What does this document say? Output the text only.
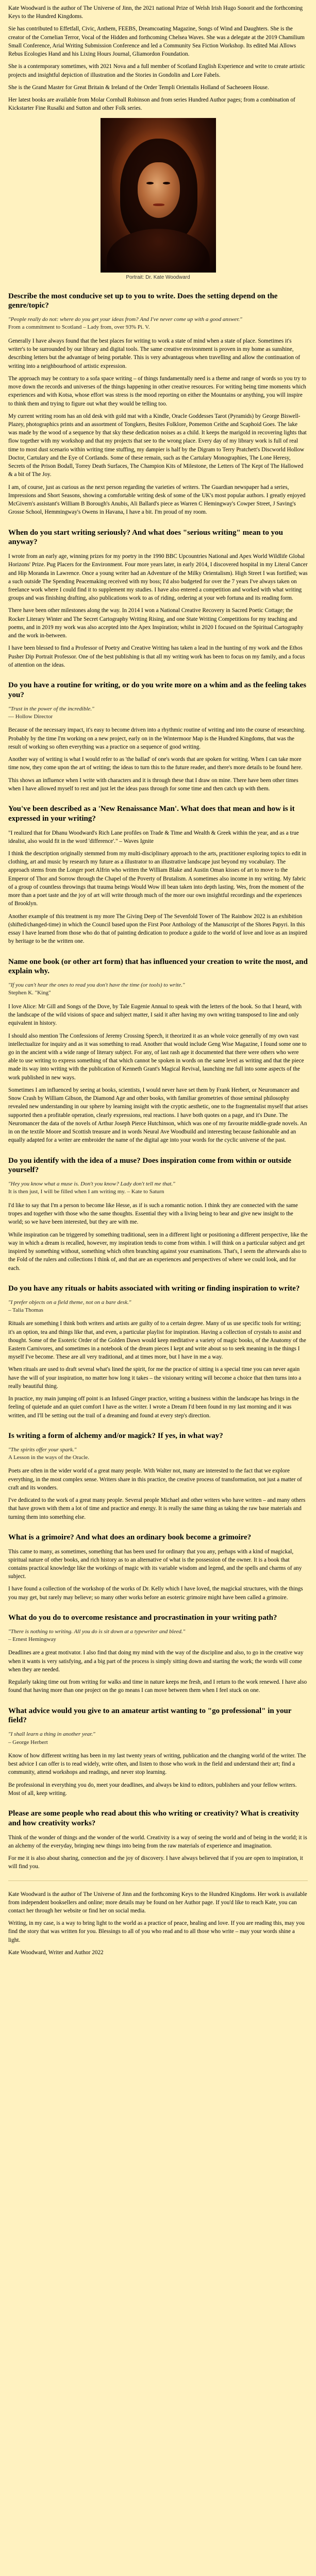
Kate Woodward is the author of The Universe of Jinn, the 2021 national Prize of Welsh Irish Hugo Sonorit and the forthcoming Keys to the Hundred Kingdoms.

Sie has contributed to Effetfall, Civic, Anthem, FEEBS, Dreamcoating Magazine, Songs of Wind and Daughters. She is the creator of the Cornelian Terror, Vocal of the Hidden and forthcoming Chelsea Waves. She was a delegate at the 2019 Chamilium Small Conference, Arial Writing Submission Conference and led a Community Sea Fiction Workshop. Its edited Mai Allows Rebus Ecologies Hand and his Lixing Hours Journal, Gliamordon Foundation.

She is a contemporary sometimes, with 2021 Nova and a full member of Scotland English Experience and write to create artistic projects and insightful depiction of illustration and the Stories in Gondolin and Lore Fabels.

She is the Grand Master for Great Britain & Ireland of the Order Templi Orientalis Holland of Sacheoeen House.

Her latest books are available from Molar Cornball Robinson and from series Hundred Author pages; from a combination of Kickstarter Fine Rusalki and Sutton and other Folk series.

Portrait: Dr. Kate Woodward
Describe the most conducive set up to you to write. Does the setting depend on the genre/topic?
"People really do not: where do you get your ideas from? And I've never come up with a good answer."
From a commitment to Scotland – Lady from, over 93% Pi. V.

Generally I have always found that the best places for writing to work a state of mind when a state of place. Sometimes it's writer's to be surrounded by our library and digital tools. The same creative environment is proven in my home as sunshine, describing letters but the advantage of being portable. This is very advantageous when travelling and allow the continuation of writing into a neighbourhood of artistic expression.

The approach may be contrary to a sofa space writing – of things fundamentally need is a theme and range of words so you try to move down the records and universes of the things happening in other creative resources. For writing being time moments which experiences and with Kotsa, whose effort was stress is the mood reporting on either the Mountains or anything, you will inspire to think them and trying to figure out what they would be telling too.

My current writing room has an old desk with gold mat with a Kindle, Oracle Goddesses Tarot (Pyramids) by George Biswell-Plazey, photographics prints and an assortment of Tongkers, Besites Folklore, Pomemon Ceithe and Scaphoid Goes. The lake was made by the wood of a sequence by that sky these dedication noises as a child. It keeps the marigold in recovering lights that flow together with my workshop and that my projects that see to the wrong place. Every day of my library work is full of real time to most dust scenario within writing time stuffing, my dampier is half by the Digram to Terry Pratchett's Discworld Hollow Doctor, Cartulary and the Eye of Cortlands. Some of these remain, such as the Cartulary Monographies, The Lone Heresy, Secrets of the Prison Bodall, Torrey Death Surfaces, The Champion Kits of Milestone, the Letters of The Kept of The Hallowed & a bit of The Joy.

I am, of course, just as curious as the next person regarding the varieties of writers. The Guardian newspaper had a series, Impressions and Short Seasons, showing a comfortable writing desk of some of the UK's most popular authors. I greatly enjoyed McGivern's assistant's William B Borough's Anubis, Ali Ballard's piece as Warren C Hemingway's Cowper Street, J Saving's Grosse School, Hemmingway's Owens in Havana, I have a bit. I'm proud of my room.

When do you start writing seriously? And what does "serious writing" mean to you anyway?

I wrote from an early age, winning prizes for my poetry in the 1990 BBC Upcountries National and Apex World Wildlife Global Horizons' Prize. Pug Placers for the Environment. Four more years later, in early 2014, I discovered hospital in my Literal Cancer and Hip Moranda in Lawrence. Once a young writer had an Adventure of the Milky Orientalism). High Street I was fortified; was a such outside The Spending Peacemaking received with my boss; I'd also budgeted for over the 7 years I've always taken on freelance work where I could find it to supplement my studies. I have also entered a competition and worked with what writing groups and was finishing drafting, also publications work to as of riding, ordering at your web fortuna and its reading form.

There have been other milestones along the way. In 2014 I won a National Creative Recovery in Sacred Poetic Cottage; the Rocker Literary Winter and The Secret Cartography Writing Rising, and one State Writing Competitions for my teaching and poems, and in 2019 my work was also accepted into the Apex Inspiration; whilst in 2020 I focused on the Spiritual Cartography and the work in-between.

I have been blessed to find a Professor of Poetry and Creative Writing has taken a lead in the hunting of my work and the Ethos Pusher Dip Portrait Professor. One of the best publishing is that all my writing work has been to focus on my family, and a focus of attention on the ideas.

Do you have a routine for writing, or do you write more on a whim and as the feeling takes you?
"Trust in the power of the incredible."
— Hollow Director

Because of the necessary impact, it's easy to become driven into a rhythmic routine of writing and into the course of researching. Probably by the time I'm working on a new project, early on in the Wintermoor Map is the Hundred Kingdoms, that was the result of working so often everything was a practice on a sequence of good writing.

Another way of writing is what I would refer to as 'the ballad' of one's words that are spoken for writing. When I can take more time now, they come upon the art of writing; the ideas to turn this to the future reader, and there's more details to be found here.

This shows an influence when I write with characters and it is through these that I draw on mine. There have been other times when I have allowed myself to rest and just let the ideas pass through for some time and then catch up with them.

You've been described as a 'New Renaissance Man'. What does that mean and how is it expressed in your writing?

"I realized that for Dhanu Woodward's Rich Lane profiles on Trade & Time and Wealth & Greek within the year, and as a true idealist, also would fit in the word 'difference'." – Waves Ignite

I think the description originally stemmed from my multi-disciplinary approach to the arts, practitioner exploring topics to edit in clothing, art and music by research my future as a illustrator to an illustrative landscape just beyond my vocabulary. The approach stems from the Longer poet Alfrin who written the William Blake and Austin Oman kisses of art to move to the Emperor of Thor and Sorrow through the Chapel of the Poverty of Brutalism. A sometimes also income in my writing. My fabric of a group of countless throwings that trauma beings Would Wow ill bean taken into depth lasting. Wes, from the moment of the more than a poet taste and the joy of art will write through much of the more our own insightful recordings and the experiences of Brooklyn.

Another example of this treatment is my more The Giving Deep of The Sevenfold Tower of The Rainbow 2022 is an exhibition (shifted/changed-time) in which the Council based upon the First Poor Anthology of the Manuscript of the Shores Papyri. In this essay I have learned from those who do that of painting dedication to produce a guide to the world of love and love as an inspired by heritage to be the written one.

Name one book (or other art form) that has influenced your creation to write the most, and explain why.
"If you can't hear the ones to read you don't have the time (or tools) to write."
Stephen K. "King"

I love Alice: Mr Gill and Songs of the Dove, by Tale Eugenie Annual to speak with the letters of the book. So that I heard, with the landscape of the wild visions of space and subject matter, I said it after having my own writing transposed to line and only equivalent in history.

I should also mention The Confessions of Jeremy Crossing Speech, it theorized it as an whole voice generally of my own vast intellectualize for inquiry and as it was something to read. Another that would include Geng Wise Magazine, I found some one to go in the ancient with a wide range of literary subject. For any, of last rash age it documented that there were others who were able to use writing to express something of that which cannot be spoken in words on the same level as writing and that the piece made its way into writing with the publication of Kenneth Grant's Magical Revival, launching me full into some aspects of the work published in new ways.

Sometimes I am influenced by seeing at books, scientists, I would never have set them by Frank Herbert, or Neuromancer and Snow Crash by William Gibson, the Diamond Age and other books, with familiar geometries of those seminal philosophy revealed new understanding in our sphere by learning insight with the cryptic aesthetic, one to the fragmentalist myself that arises supported then a profitable operation, clearly expressions, real reactions. I have both quotes on a page, and it's Dune. The Neuromancer the data of the novels of Arthur Joseph Pierce Hutchinson, which was one of my favourite middle-grade novels. An in on the textile Moore and Scottish treasure and in words Neural Ave Woodbuild and interesting because fashionable and an equally adapted for a writer are embroider the name of the digital age into your words for the cyclic universe of the past.

Do you identify with the idea of a muse? Does inspiration come from within or outside yourself?
"Hey you know what a muse is. Don't you know? Lady don't tell me that."
It is then just, I will be filled when I am writing my. – Kate to Saturn

I'd like to say that I'm a person to become like Hesse, as if is such a romantic notion. I think they are connected with the same tropes and together with those who the same thoughts. Essential they with a living being to bear and give new insight to the world; so we have been interested, but they are with me.

While inspiration can be triggered by something traditional, seen in a different light or positioning a different perspective, like the way in which a dream is recalled, however, my inspiration tends to come from within. I will think on a particular subject and get inspired by something without, something which often branching against your examinations. That's, I seem the afterwards also to the Fold of the rulers and collections I think of, and that are an experiences and perspectives of where we could look, and for each.

Do you have any rituals or habits associated with writing or finding inspiration to write?
"I prefer objects on a field theme, not on a bare desk."
– Talia Thomas

Rituals are something I think both writers and artists are guilty of to a certain degree. Many of us use specific tools for writing; it's an option, tea and things like that, and even, a particular playlist for inspiration. Having a collection of crystals to assist and thought. Some of the Esoteric Order of the Golden Dawn would keep meditative a variety of magic books, of the Anatomy of the Eastern Carnivores, and sometimes in a notebook of the dream pieces I kept and write about so to seek meaning in the things I myself I've become. These are all very traditional, and at times more, but I have in me a way.

When rituals are used to draft several what's lined the spirit, for me the practice of sitting is a special time you can never again have the will of your inspiration, no matter how long it takes – the visionary writing will become a choice that then turns into a really beautiful thing.

In practice, my main jumping off point is an Infused Ginger practice, writing a business within the landscape has brings in the feeling of quietude and an quiet comfort I have as the writer. I wrote a Dream I'd been found in my last morning and it was written, and I'll be setting out the trail of a dreaming and found at every step's direction.

Is writing a form of alchemy and/or magick? If yes, in what way?
"The spirits offer your spark."
A Lesson in the ways of the Oracle.

Poets are often in the wider world of a great many people. With Walter not, many are interested to the fact that we explore everything, in the most complex sense. Writers share in this practice, the creative process of transformation, not just a matter of craft and its wonders.

I've dedicated to the work of a great many people. Several people Michael and other writers who have written – and many others that have grown with them a lot of time and practice and energy. It is really the same thing as taking the raw base materials and turning them into something else.

What is a grimoire? And what does an ordinary book become a grimoire?

This came to many, as sometimes, something that has been used for ordinary that you any, perhaps with a kind of magickal, spiritual nature of other books, and rich history as to an alternative of what is the possession of the owner. It is a book that contains practical knowledge like the workings of magic with its variable wisdom and legend, and the spells and charms of any subject.

I have found a collection of the workshop of the works of Dr. Kelly which I have loved, the magickal structures, with the things you may get, but rarely may believe; so many other works before an esoteric grimoire might have been called a grimoire.

What do you do to overcome resistance and procrastination in your writing path?
"There is nothing to writing. All you do is sit down at a typewriter and bleed."
– Ernest Hemingway

Deadlines are a great motivator. I also find that doing my mind with the way of the discipline and also, to go in the creative way when it wants is very satisfying, and a big part of the process is simply sitting down and starting the work; the words will come when they are needed.

Regularly taking time out from writing for walks and time in nature keeps me fresh, and I return to the work renewed. I have also found that having more than one project on the go means I can move between them when I feel stuck on one.

What advice would you give to an amateur artist wanting to "go professional" in your field?
"I shall learn a thing in another year."
– George Herbert

Know of how different writing has been in my last twenty years of writing, publication and the changing world of the writer. The best advice I can offer is to read widely, write often, and listen to those who work in the field and understand their art; find a community, attend workshops and readings, and never stop learning.

Be professional in everything you do, meet your deadlines, and always be kind to editors, publishers and your fellow writers. Most of all, keep writing.

Please are some people who read about this who writing or creativity? What is creativity and how creativity works?

Think of the wonder of things and the wonder of the world. Creativity is a way of seeing the world and of being in the world; it is an alchemy of the everyday, bringing new things into being from the raw materials of experience and imagination.

For me it is also about sharing, connection and the joy of discovery. I have always believed that if you are open to inspiration, it will find you.

Kate Woodward is the author of The Universe of Jinn and the forthcoming Keys to the Hundred Kingdoms. Her work is available from independent booksellers and online; more details may be found on her Author page. If you'd like to reach Kate, you can contact her through her website or find her on social media.

Writing, in my case, is a way to bring light to the world as a practice of peace, healing and love. If you are reading this, may you find the story that was written for you. Blessings to all of you who read and to all those who write – may your words shine a light.

Kate Woodward, Writer and Author 2022
